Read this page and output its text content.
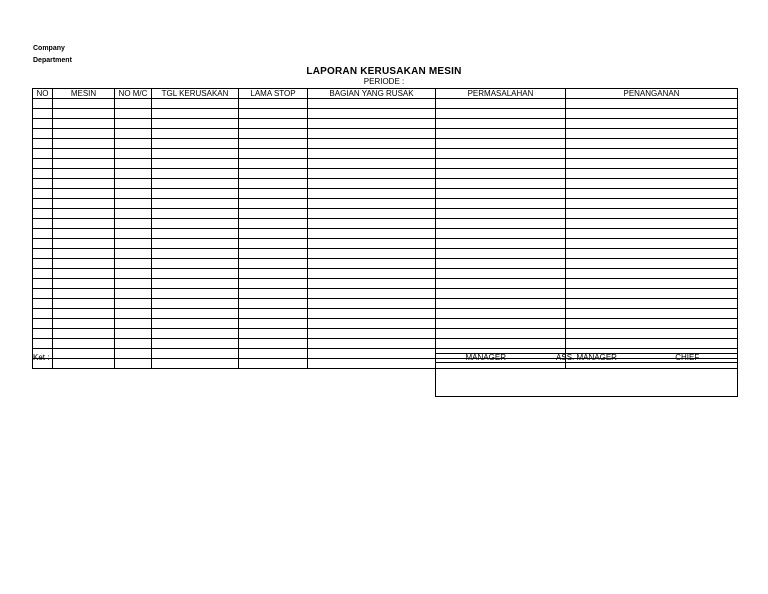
Company
Department
LAPORAN KERUSAKAN MESIN
PERIODE :
NO	MESIN	NO M/C	TGL KERUSAKAN	LAMA STOP	BAGIAN YANG RUSAK	PERMASALAHAN	PENANGANAN

Ket :	MANAGER	ASS. MANAGER	CHIEF
